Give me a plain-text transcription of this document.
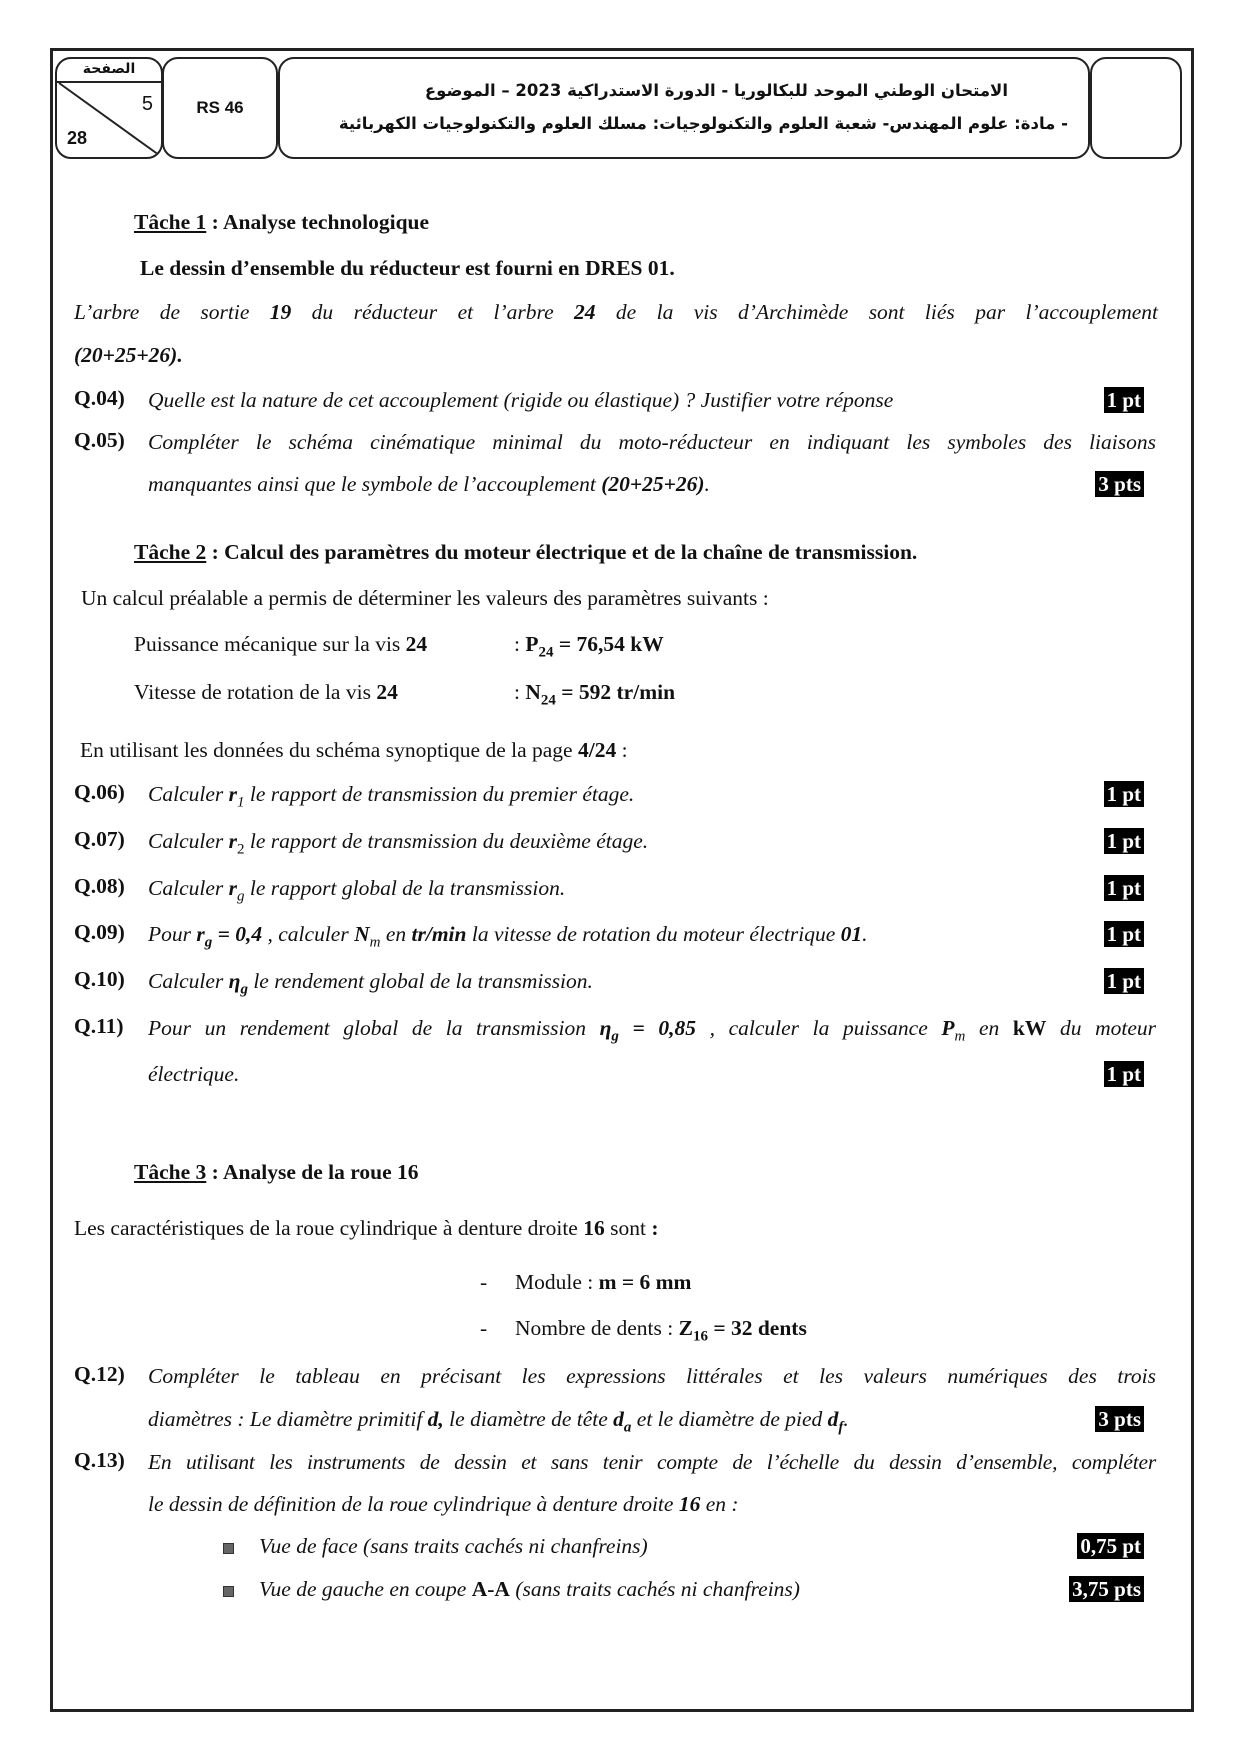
الصفحة
5
28
RS 46
الامتحان الوطني الموحد للبكالوريا - الدورة الاستدراكية 2023 – الموضوع
- مادة: علوم المهندس- شعبة العلوم والتكنولوجيات: مسلك العلوم والتكنولوجيات الكهربائية
Tâche 1 : Analyse technologique
Le dessin d’ensemble du réducteur est fourni en DRES 01.
L’arbre de sortie 19 du réducteur et l’arbre 24 de la vis d’Archimède sont liés par l’accouplement
(20+25+26).
Q.04) Quelle est la nature de cet accouplement (rigide ou élastique) ? Justifier votre réponse	1 pt
Q.05) Compléter le schéma cinématique minimal du moto-réducteur en indiquant les symboles des liaisons
manquantes ainsi que le symbole de l’accouplement (20+25+26).	3 pts
Tâche 2 : Calcul des paramètres du moteur électrique et de la chaîne de transmission.
Un calcul préalable a permis de déterminer les valeurs des paramètres suivants :
Puissance mécanique sur la vis 24	: $P_{24} = 76,54$ kW
Vitesse de rotation de la vis 24	: $N_{24} = 592$ tr/min
En utilisant les données du schéma synoptique de la page 4/24 :
Q.06) Calculer $r_1$ le rapport de transmission du premier étage.	1 pt
Q.07) Calculer $r_2$ le rapport de transmission du deuxième étage.	1 pt
Q.08) Calculer $r_g$ le rapport global de la transmission.	1 pt
Q.09) Pour $r_g = 0,4$ , calculer $N_m$ en tr/min la vitesse de rotation du moteur électrique 01.	1 pt
Q.10) Calculer $\eta_g$ le rendement global de la transmission.	1 pt
Q.11) Pour un rendement global de la transmission $\eta_g = 0,85$ , calculer la puissance $P_m$ en kW du moteur
électrique.	1 pt
Tâche 3 : Analyse de la roue 16
Les caractéristiques de la roue cylindrique à denture droite 16 sont :
- Module : m = 6 mm
- Nombre de dents : $Z_{16} = 32$ dents
Q.12) Compléter le tableau en précisant les expressions littérales et les valeurs numériques des trois
diamètres : Le diamètre primitif d, le diamètre de tête $d_a$ et le diamètre de pied $d_f$.	3 pts
Q.13) En utilisant les instruments de dessin et sans tenir compte de l’échelle du dessin d’ensemble, compléter
le dessin de définition de la roue cylindrique à denture droite 16 en :
Vue de face (sans traits cachés ni chanfreins)	0,75 pt
Vue de gauche en coupe A-A (sans traits cachés ni chanfreins)	3,75 pts
